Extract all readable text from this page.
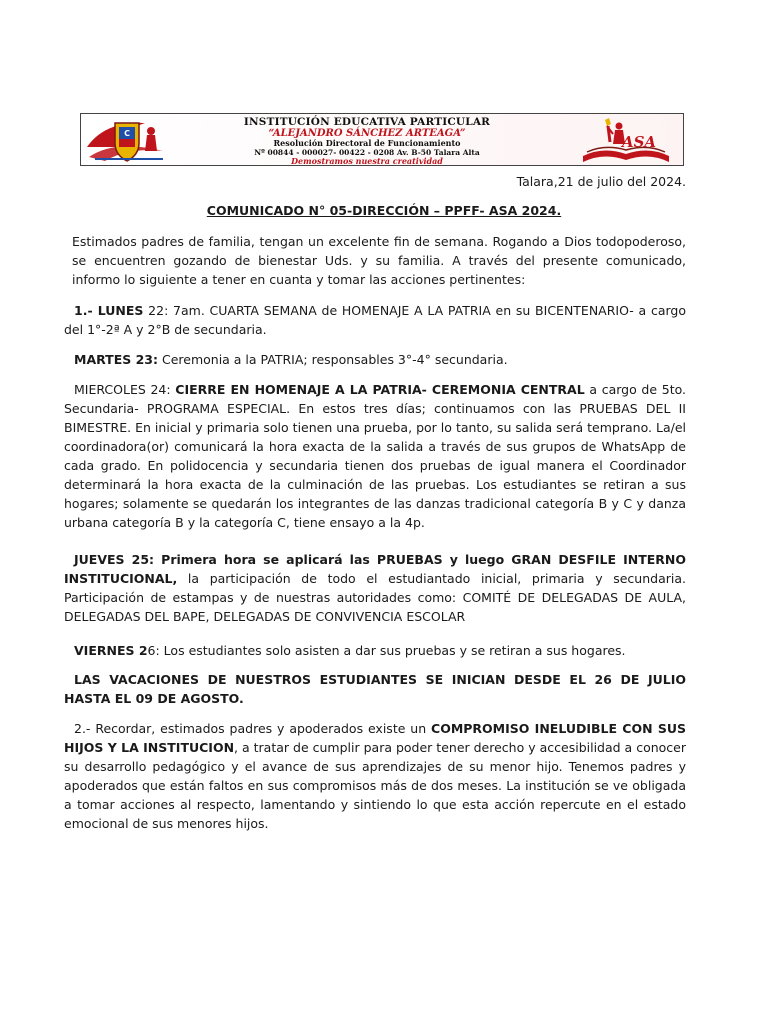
C
INSTITUCIÓN EDUCATIVA PARTICULAR
“ALEJANDRO SÁNCHEZ ARTEAGA”
Resolución Directoral de Funcionamiento
Nº 00844 - 000027- 00422 - 0208 Av. B-50 Talara Alta
Demostramos nuestra creatividad
ASA
Talara,21 de julio del 2024.
COMUNICADO N° 05-DIRECCIÓN – PPFF- ASA 2024.
Estimados padres de familia, tengan un excelente fin de semana. Rogando a Dios todopoderoso, se encuentren gozando de bienestar Uds. y su familia. A través del presente comunicado, informo lo siguiente a tener en cuanta y tomar las acciones pertinentes:
1.- LUNES 22: 7am. CUARTA SEMANA de HOMENAJE A LA PATRIA en su BICENTENARIO- a cargo del 1°-2ª A y 2°B de secundaria.
MARTES 23: Ceremonia a la PATRIA; responsables 3°-4° secundaria.
MIERCOLES 24: CIERRE EN HOMENAJE A LA PATRIA- CEREMONIA CENTRAL a cargo de 5to. Secundaria- PROGRAMA ESPECIAL. En estos tres días; continuamos con las PRUEBAS DEL II BIMESTRE. En inicial y primaria solo tienen una prueba, por lo tanto, su salida será temprano. La/el coordinadora(or) comunicará la hora exacta de la salida a través de sus grupos de WhatsApp de cada grado. En polidocencia y secundaria tienen dos pruebas de igual manera el Coordinador determinará la hora exacta de la culminación de las pruebas. Los estudiantes se retiran a sus hogares; solamente se quedarán los integrantes de las danzas tradicional categoría B y C y danza urbana categoría B y la categoría C, tiene ensayo a la 4p.
JUEVES 25: Primera hora se aplicará las PRUEBAS y luego GRAN DESFILE INTERNO INSTITUCIONAL, la participación de todo el estudiantado inicial, primaria y secundaria. Participación de estampas y de nuestras autoridades como: COMITÉ DE DELEGADAS DE AULA, DELEGADAS DEL BAPE, DELEGADAS DE CONVIVENCIA ESCOLAR
VIERNES 26: Los estudiantes solo asisten a dar sus pruebas y se retiran a sus hogares.
LAS VACACIONES DE NUESTROS ESTUDIANTES SE INICIAN DESDE EL 26 DE JULIO HASTA EL 09 DE AGOSTO.
2.- Recordar, estimados padres y apoderados existe un COMPROMISO INELUDIBLE CON SUS HIJOS Y LA INSTITUCION, a tratar de cumplir para poder tener derecho y accesibilidad a conocer su desarrollo pedagógico y el avance de sus aprendizajes de su menor hijo. Tenemos padres y apoderados que están faltos en sus compromisos más de dos meses. La institución se ve obligada a tomar acciones al respecto, lamentando y sintiendo lo que esta acción repercute en el estado emocional de sus menores hijos.
